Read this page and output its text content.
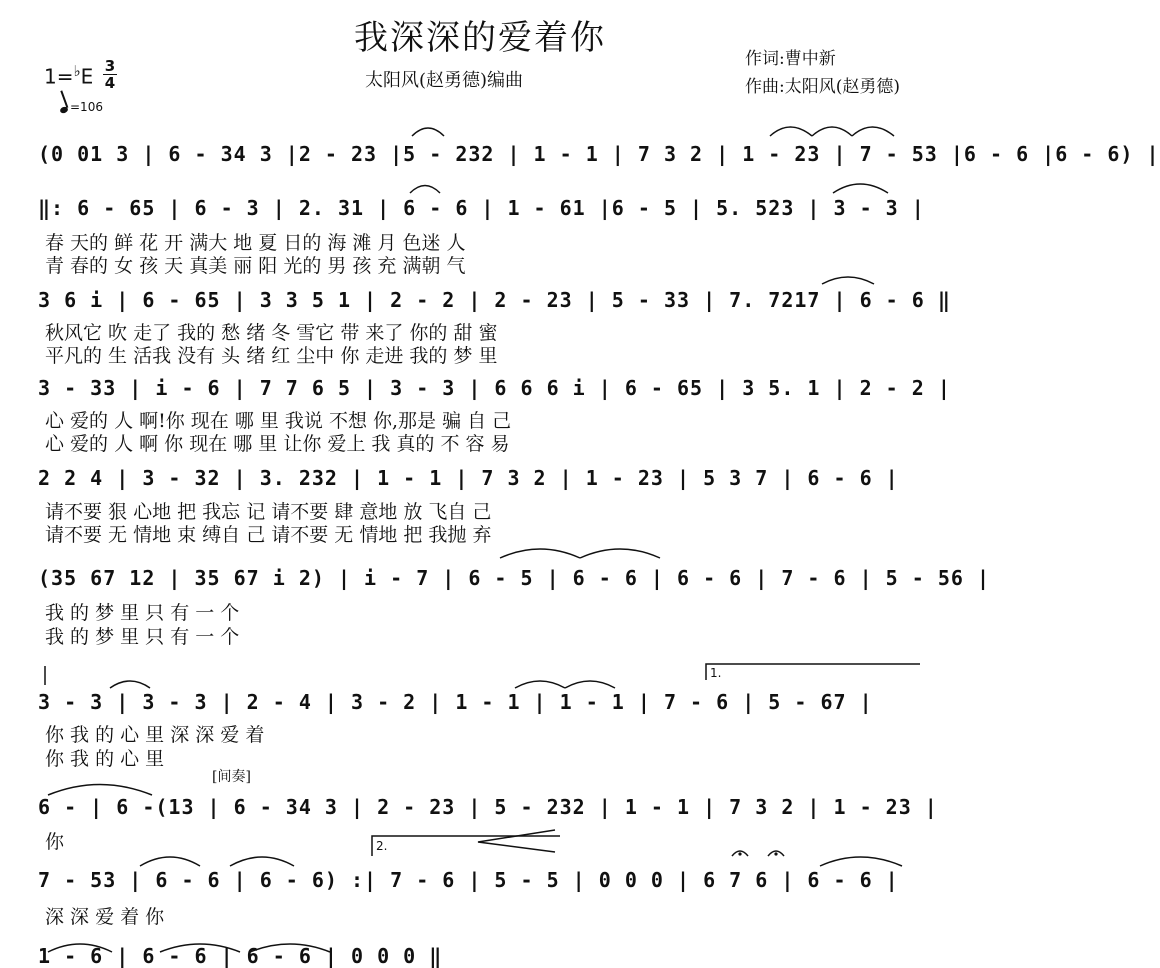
我深深的爱着你
太阳风(赵勇德)编曲
作词:曹中新
作曲:太阳风(赵勇德)
1=♭E 3
4
=106
(0 01 3 | 6 - 34 3 |2 - 23 |5 - 232 | 1 - 1 | 7 3 2 | 1 - 23 | 7 - 53 |6 - 6 |6 - 6) |
‖: 6 - 65 | 6 - 3 | 2. 31 | 6 - 6 | 1 - 61 |6 - 5 | 5. 523 | 3 - 3 |
春 天的 鲜 花 开 满大 地 夏 日的 海 滩 月 色迷 人
青 春的 女 孩 天 真美 丽 阳 光的 男 孩 充 满朝 气
3 6 i | 6 - 65 | 3 3 5 1 | 2 - 2 | 2 - 23 | 5 - 33 | 7. 7217 | 6 - 6 ‖
秋风它 吹 走了 我的 愁 绪 冬 雪它 带 来了 你的 甜 蜜
平凡的 生 活我 没有 头 绪 红 尘中 你 走进 我的 梦 里
3 - 33 | i - 6 | 7 7 6 5 | 3 - 3 | 6 6 6 i | 6 - 65 | 3 5. 1 | 2 - 2 |
心 爱的 人 啊!你 现在 哪 里 我说 不想 你,那是 骗 自 己
心 爱的 人 啊 你 现在 哪 里 让你 爱上 我 真的 不 容 易
2 2 4 | 3 - 32 | 3. 232 | 1 - 1 | 7 3 2 | 1 - 23 | 5 3 7 | 6 - 6 |
请不要 狠 心地 把 我忘 记 请不要 肆 意地 放 飞自 己
请不要 无 情地 束 缚自 己 请不要 无 情地 把 我抛 弃
(35 67 12 | 35 67 i 2) | i - 7 | 6 - 5 | 6 - 6 | 6 - 6 | 7 - 6 | 5 - 56 |
我 的 梦 里 只 有 一 个
我 的 梦 里 只 有 一 个
3 - 3 | 3 - 3 | 2 - 4 | 3 - 2 | 1 - 1 | 1 - 1 | 7 - 6 | 5 - 67 |
你 我 的 心 里 深 深 爱 着
你 我 的 心 里
[间奏]
6 - | 6 -(13 | 6 - 34 3 | 2 - 23 | 5 - 232 | 1 - 1 | 7 3 2 | 1 - 23 |
你
7 - 53 | 6 - 6 | 6 - 6) :| 7 - 6 | 5 - 5 | 0 0 0 | 6 7 6 | 6 - 6 |
深 深 爱 着 你
1 - 6 | 6 - 6 | 6 - 6 | 0 0 0 ‖
1.
2.
